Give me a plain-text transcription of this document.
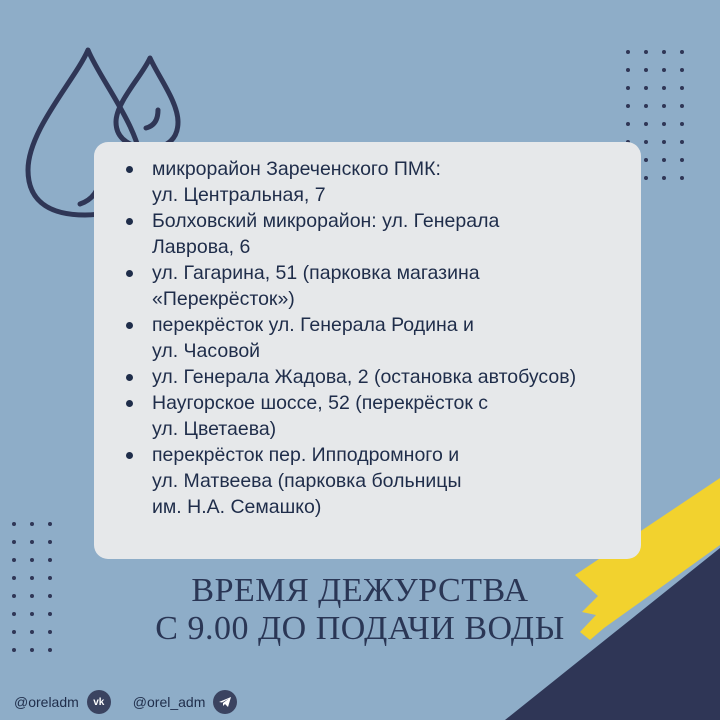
микрорайон Зареченского ПМК:
ул. Центральная, 7
Болховский микрорайон: ул. Генерала
Лаврова, 6
ул. Гагарина, 51 (парковка магазина
«Перекрёсток»)
перекрёсток ул. Генерала Родина и
ул. Часовой
ул. Генерала Жадова, 2 (остановка автобусов)
Наугорское шоссе, 52 (перекрёсток с
ул. Цветаева)
перекрёсток пер. Ипподромного и
ул. Матвеева (парковка больницы
им. Н.А. Семашко)
ВРЕМЯ ДЕЖУРСТВА
С 9.00 ДО ПОДАЧИ ВОДЫ
@oreladm	vk	@orel_adm
